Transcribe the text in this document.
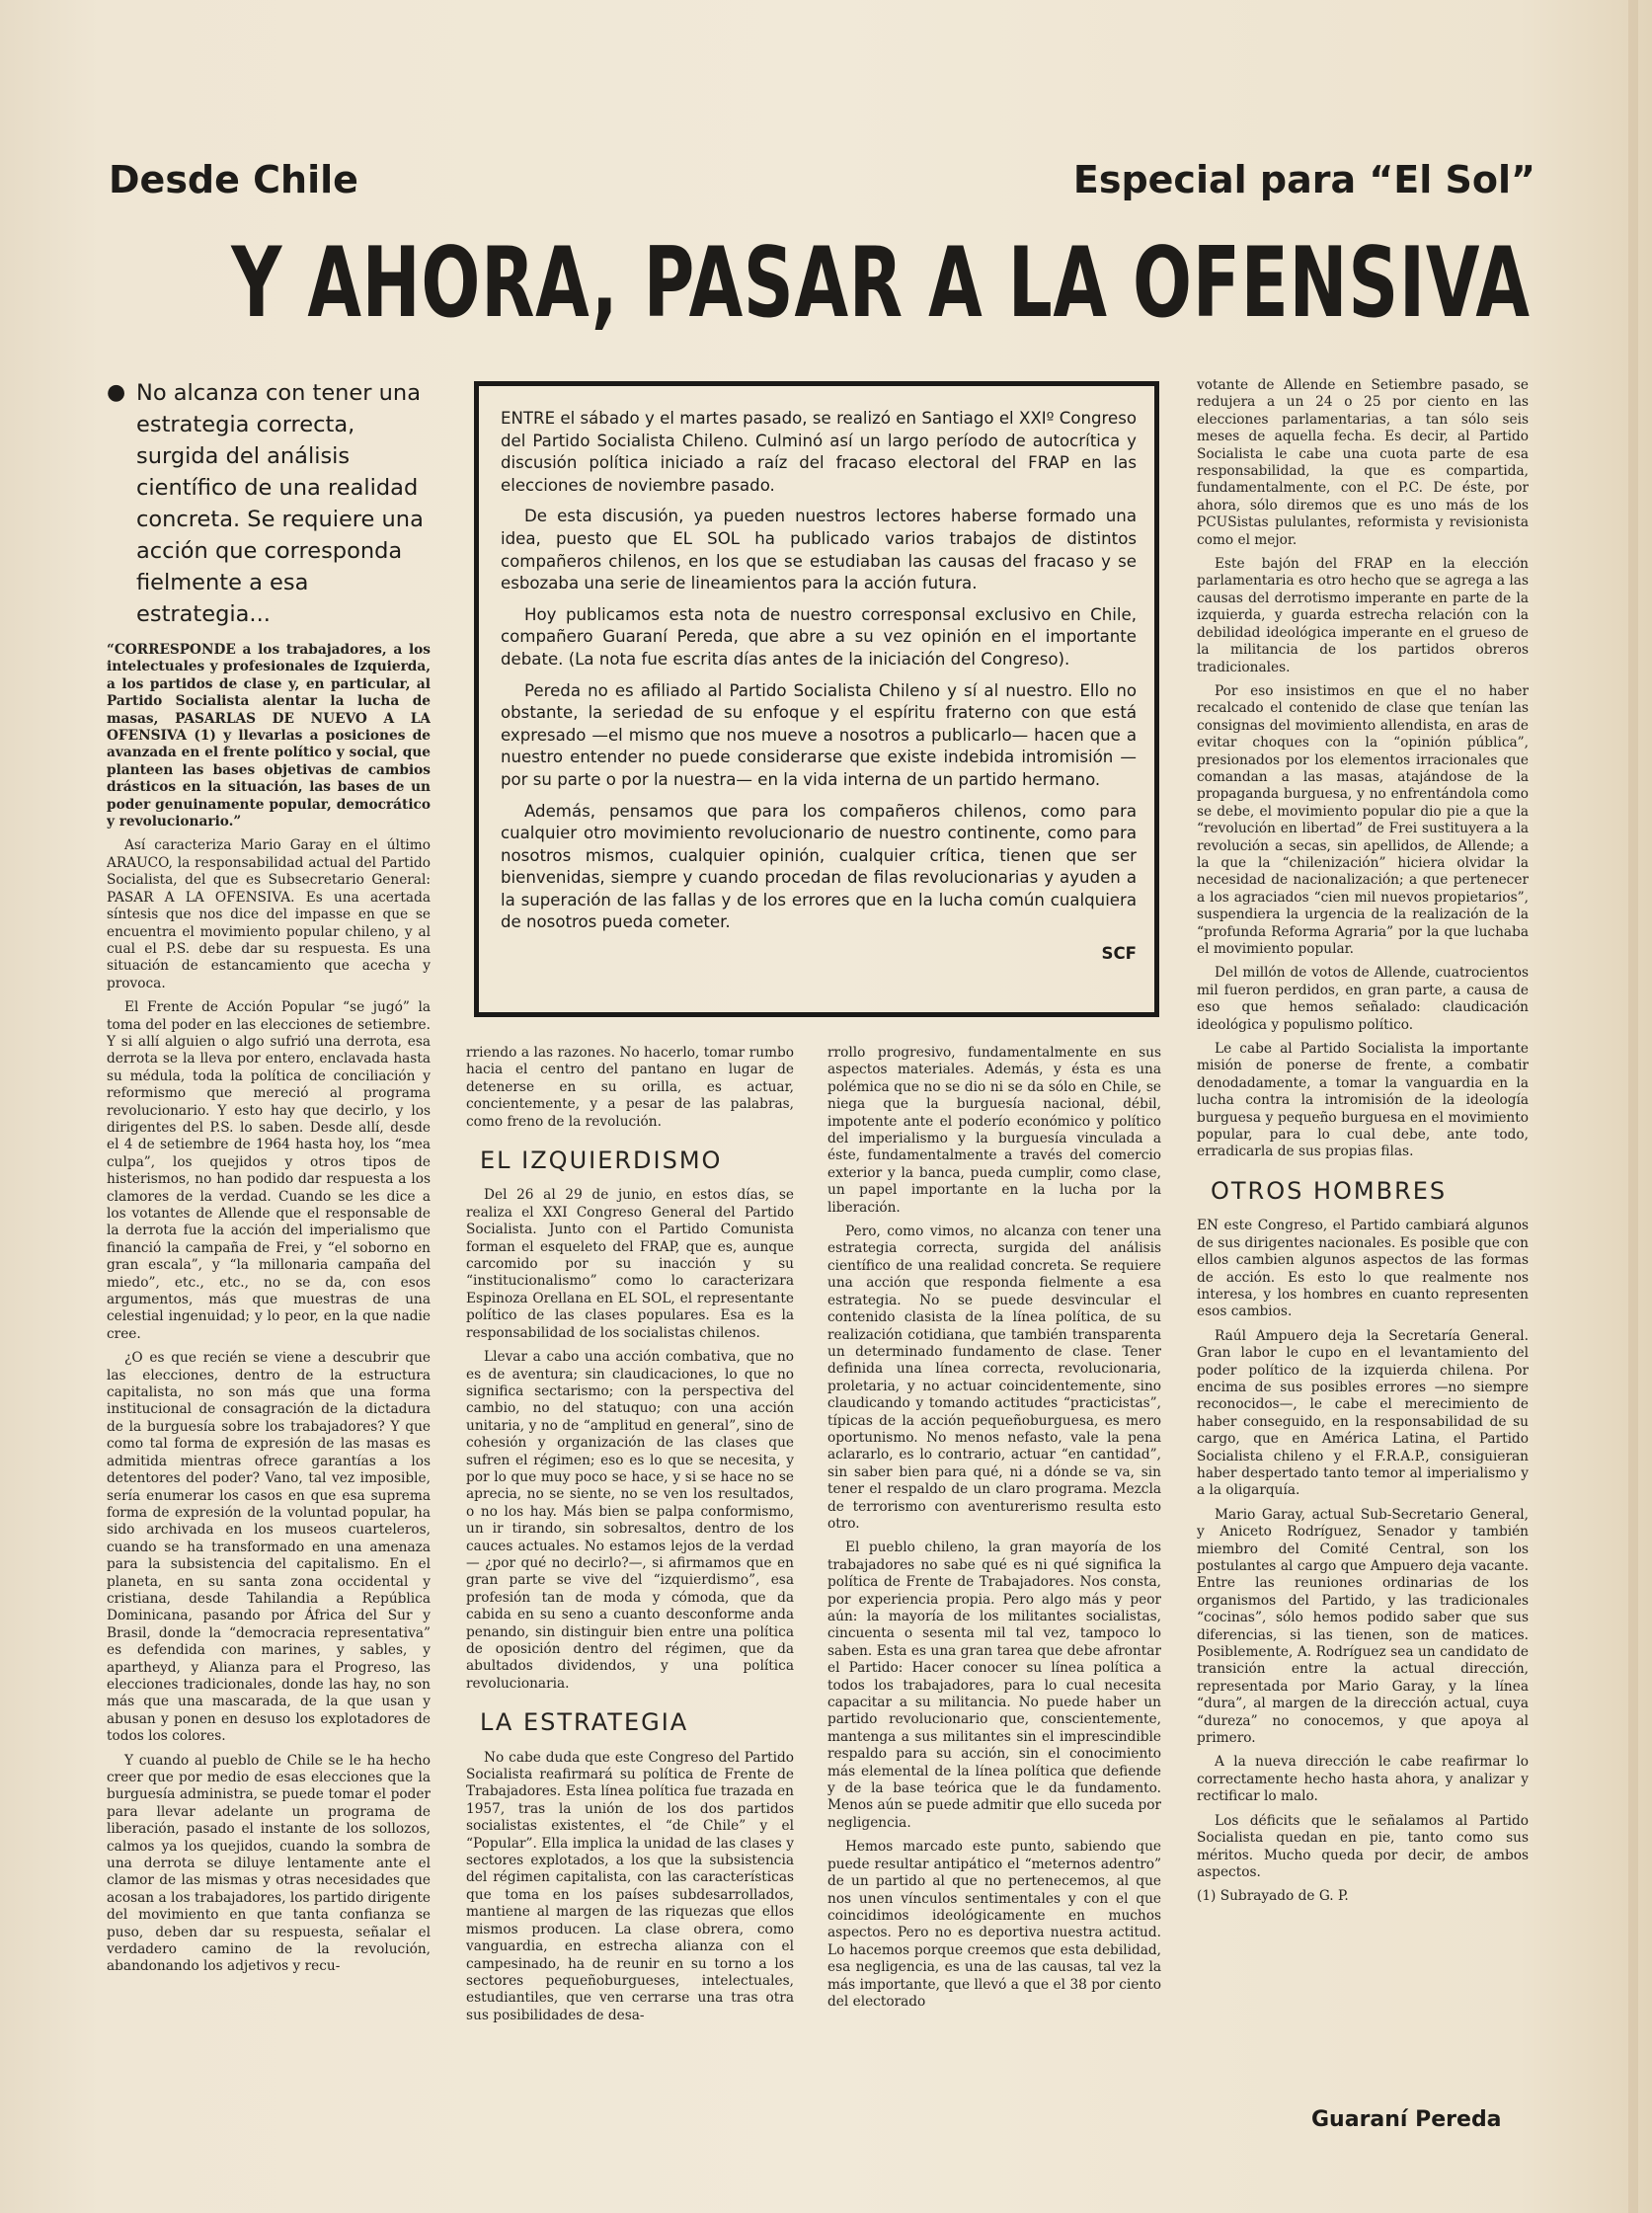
Desde Chile	Especial para “El Sol”
Y AHORA, PASAR A LA OFENSIVA
● No alcanza con tener una estrategia correcta, surgida del análisis científico de una realidad concreta. Se requiere una acción que corresponda fielmente a esa estrategia...

ENTRE el sábado y el martes pasado, se realizó en Santiago el XXIº Congreso del Partido Socialista Chileno. Culminó así un largo período de autocrítica y discusión política iniciado a raíz del fracaso electoral del FRAP en las elecciones de noviembre pasado.

De esta discusión, ya pueden nuestros lectores haberse formado una idea, puesto que EL SOL ha publicado varios trabajos de distintos compañeros chilenos, en los que se estudiaban las causas del fracaso y se esbozaba una serie de lineamientos para la acción futura.

Hoy publicamos esta nota de nuestro corresponsal exclusivo en Chile, compañero Guaraní Pereda, que abre a su vez opinión en el importante debate. (La nota fue escrita días antes de la iniciación del Congreso).

Pereda no es afiliado al Partido Socialista Chileno y sí al nuestro. Ello no obstante, la seriedad de su enfoque y el espíritu fraterno con que está expresado —el mismo que nos mueve a nosotros a publicarlo— hacen que a nuestro entender no puede considerarse que existe indebida intromisión —por su parte o por la nuestra— en la vida interna de un partido hermano.

Además, pensamos que para los compañeros chilenos, como para cualquier otro movimiento revolucionario de nuestro continente, como para nosotros mismos, cualquier opinión, cualquier crítica, tienen que ser bienvenidas, siempre y cuando procedan de filas revolucionarias y ayuden a la superación de las fallas y de los errores que en la lucha común cualquiera de nosotros pueda cometer.

SCF

“CORRESPONDE a los trabajadores, a los intelectuales y profesionales de Izquierda, a los partidos de clase y, en particular, al Partido Socialista alentar la lucha de masas, PASARLAS DE NUEVO A LA OFENSIVA (1) y llevarlas a posiciones de avanzada en el frente político y social, que planteen las bases objetivas de cambios drásticos en la situación, las bases de un poder genuinamente popular, democrático y revolucionario.”

Así caracteriza Mario Garay en el último ARAUCO, la responsabilidad actual del Partido Socialista, del que es Subsecretario General: PASAR A LA OFENSIVA. Es una acertada síntesis que nos dice del impasse en que se encuentra el movimiento popular chileno, y al cual el P.S. debe dar su respuesta. Es una situación de estancamiento que acecha y provoca.

El Frente de Acción Popular “se jugó” la toma del poder en las elecciones de setiembre. Y si allí alguien o algo sufrió una derrota, esa derrota se la lleva por entero, enclavada hasta su médula, toda la política de conciliación y reformismo que mereció al programa revolucionario. Y esto hay que decirlo, y los dirigentes del P.S. lo saben. Desde allí, desde el 4 de setiembre de 1964 hasta hoy, los “mea culpa”, los quejidos y otros tipos de histerismos, no han podido dar respuesta a los clamores de la verdad. Cuando se les dice a los votantes de Allende que el responsable de la derrota fue la acción del imperialismo que financió la campaña de Frei, y “el soborno en gran escala”, y “la millonaria campaña del miedo”, etc., etc., no se da, con esos argumentos, más que muestras de una celestial ingenuidad; y lo peor, en la que nadie cree.

¿O es que recién se viene a descubrir que las elecciones, dentro de la estructura capitalista, no son más que una forma institucional de consagración de la dictadura de la burguesía sobre los trabajadores? Y que como tal forma de expresión de las masas es admitida mientras ofrece garantías a los detentores del poder? Vano, tal vez imposible, sería enumerar los casos en que esa suprema forma de expresión de la voluntad popular, ha sido archivada en los museos cuarteleros, cuando se ha transformado en una amenaza para la subsistencia del capitalismo. En el planeta, en su santa zona occidental y cristiana, desde Tahilandia a República Dominicana, pasando por África del Sur y Brasil, donde la “democracia representativa” es defendida con marines, y sables, y apartheyd, y Alianza para el Progreso, las elecciones tradicionales, donde las hay, no son más que una mascarada, de la que usan y abusan y ponen en desuso los explotadores de todos los colores.

Y cuando al pueblo de Chile se le ha hecho creer que por medio de esas elecciones que la burguesía administra, se puede tomar el poder para llevar adelante un programa de liberación, pasado el instante de los sollozos, calmos ya los quejidos, cuando la sombra de una derrota se diluye lentamente ante el clamor de las mismas y otras necesidades que acosan a los trabajadores, los partido dirigente del movimiento en que tanta confianza se puso, deben dar su respuesta, señalar el verdadero camino de la revolución, abandonando los adjetivos y recu-

rriendo a las razones. No hacerlo, tomar rumbo hacia el centro del pantano en lugar de detenerse en su orilla, es actuar, concientemente, y a pesar de las palabras, como freno de la revolución.

EL IZQUIERDISMO

Del 26 al 29 de junio, en estos días, se realiza el XXI Congreso General del Partido Socialista. Junto con el Partido Comunista forman el esqueleto del FRAP, que es, aunque carcomido por su inacción y su “institucionalismo” como lo caracterizara Espinoza Orellana en EL SOL, el representante político de las clases populares. Esa es la responsabilidad de los socialistas chilenos.

Llevar a cabo una acción combativa, que no es de aventura; sin claudicaciones, lo que no significa sectarismo; con la perspectiva del cambio, no del statuquo; con una acción unitaria, y no de “amplitud en general”, sino de cohesión y organización de las clases que sufren el régimen; eso es lo que se necesita, y por lo que muy poco se hace, y si se hace no se aprecia, no se siente, no se ven los resultados, o no los hay. Más bien se palpa conformismo, un ir tirando, sin sobresaltos, dentro de los cauces actuales. No estamos lejos de la verdad — ¿por qué no decirlo?—, si afirmamos que en gran parte se vive del “izquierdismo”, esa profesión tan de moda y cómoda, que da cabida en su seno a cuanto desconforme anda penando, sin distinguir bien entre una política de oposición dentro del régimen, que da abultados dividendos, y una política revolucionaria.

LA ESTRATEGIA

No cabe duda que este Congreso del Partido Socialista reafirmará su política de Frente de Trabajadores. Esta línea política fue trazada en 1957, tras la unión de los dos partidos socialistas existentes, el “de Chile” y el “Popular”. Ella implica la unidad de las clases y sectores explotados, a los que la subsistencia del régimen capitalista, con las características que toma en los países subdesarrollados, mantiene al margen de las riquezas que ellos mismos producen. La clase obrera, como vanguardia, en estrecha alianza con el campesinado, ha de reunir en su torno a los sectores pequeñoburgueses, intelectuales, estudiantiles, que ven cerrarse una tras otra sus posibilidades de desa-

rrollo progresivo, fundamentalmente en sus aspectos materiales. Además, y ésta es una polémica que no se dio ni se da sólo en Chile, se niega que la burguesía nacional, débil, impotente ante el poderío económico y político del imperialismo y la burguesía vinculada a éste, fundamentalmente a través del comercio exterior y la banca, pueda cumplir, como clase, un papel importante en la lucha por la liberación.

Pero, como vimos, no alcanza con tener una estrategia correcta, surgida del análisis científico de una realidad concreta. Se requiere una acción que responda fielmente a esa estrategia. No se puede desvincular el contenido clasista de la línea política, de su realización cotidiana, que también transparenta un determinado fundamento de clase. Tener definida una línea correcta, revolucionaria, proletaria, y no actuar coincidentemente, sino claudicando y tomando actitudes “practicistas”, típicas de la acción pequeñoburguesa, es mero oportunismo. No menos nefasto, vale la pena aclararlo, es lo contrario, actuar “en cantidad”, sin saber bien para qué, ni a dónde se va, sin tener el respaldo de un claro programa. Mezcla de terrorismo con aventurerismo resulta esto otro.

El pueblo chileno, la gran mayoría de los trabajadores no sabe qué es ni qué significa la política de Frente de Trabajadores. Nos consta, por experiencia propia. Pero algo más y peor aún: la mayoría de los militantes socialistas, cincuenta o sesenta mil tal vez, tampoco lo saben. Esta es una gran tarea que debe afrontar el Partido: Hacer conocer su línea política a todos los trabajadores, para lo cual necesita capacitar a su militancia. No puede haber un partido revolucionario que, conscientemente, mantenga a sus militantes sin el imprescindible respaldo para su acción, sin el conocimiento más elemental de la línea política que defiende y de la base teórica que le da fundamento. Menos aún se puede admitir que ello suceda por negligencia.

Hemos marcado este punto, sabiendo que puede resultar antipático el “meternos adentro” de un partido al que no pertenecemos, al que nos unen vínculos sentimentales y con el que coincidimos ideológicamente en muchos aspectos. Pero no es deportiva nuestra actitud. Lo hacemos porque creemos que esta debilidad, esa negligencia, es una de las causas, tal vez la más importante, que llevó a que el 38 por ciento del electorado

votante de Allende en Setiembre pasado, se redujera a un 24 o 25 por ciento en las elecciones parlamentarias, a tan sólo seis meses de aquella fecha. Es decir, al Partido Socialista le cabe una cuota parte de esa responsabilidad, la que es compartida, fundamentalmente, con el P.C. De éste, por ahora, sólo diremos que es uno más de los PCUSistas pululantes, reformista y revisionista como el mejor.

Este bajón del FRAP en la elección parlamentaria es otro hecho que se agrega a las causas del derrotismo imperante en parte de la izquierda, y guarda estrecha relación con la debilidad ideológica imperante en el grueso de la militancia de los partidos obreros tradicionales.

Por eso insistimos en que el no haber recalcado el contenido de clase que tenían las consignas del movimiento allendista, en aras de evitar choques con la “opinión pública”, presionados por los elementos irracionales que comandan a las masas, atajándose de la propaganda burguesa, y no enfrentándola como se debe, el movimiento popular dio pie a que la “revolución en libertad” de Frei sustituyera a la revolución a secas, sin apellidos, de Allende; a la que la “chilenización” hiciera olvidar la necesidad de nacionalización; a que pertenecer a los agraciados “cien mil nuevos propietarios”, suspendiera la urgencia de la realización de la “profunda Reforma Agraria” por la que luchaba el movimiento popular.

Del millón de votos de Allende, cuatrocientos mil fueron perdidos, en gran parte, a causa de eso que hemos señalado: claudicación ideológica y populismo político.

Le cabe al Partido Socialista la importante misión de ponerse de frente, a combatir denodadamente, a tomar la vanguardia en la lucha contra la intromisión de la ideología burguesa y pequeño burguesa en el movimiento popular, para lo cual debe, ante todo, erradicarla de sus propias filas.

OTROS HOMBRES

EN este Congreso, el Partido cambiará algunos de sus dirigentes nacionales. Es posible que con ellos cambien algunos aspectos de las formas de acción. Es esto lo que realmente nos interesa, y los hombres en cuanto representen esos cambios.

Raúl Ampuero deja la Secretaría General. Gran labor le cupo en el levantamiento del poder político de la izquierda chilena. Por encima de sus posibles errores —no siempre reconocidos—, le cabe el merecimiento de haber conseguido, en la responsabilidad de su cargo, que en América Latina, el Partido Socialista chileno y el F.R.A.P., consiguieran haber despertado tanto temor al imperialismo y a la oligarquía.

Mario Garay, actual Sub-Secretario General, y Aniceto Rodríguez, Senador y también miembro del Comité Central, son los postulantes al cargo que Ampuero deja vacante. Entre las reuniones ordinarias de los organismos del Partido, y las tradicionales “cocinas”, sólo hemos podido saber que sus diferencias, si las tienen, son de matices. Posiblemente, A. Rodríguez sea un candidato de transición entre la actual dirección, representada por Mario Garay, y la línea “dura”, al margen de la dirección actual, cuya “dureza” no conocemos, y que apoya al primero.

A la nueva dirección le cabe reafirmar lo correctamente hecho hasta ahora, y analizar y rectificar lo malo.

Los déficits que le señalamos al Partido Socialista quedan en pie, tanto como sus méritos. Mucho queda por decir, de ambos aspectos.

(1) Subrayado de G. P.

Guaraní Pereda
